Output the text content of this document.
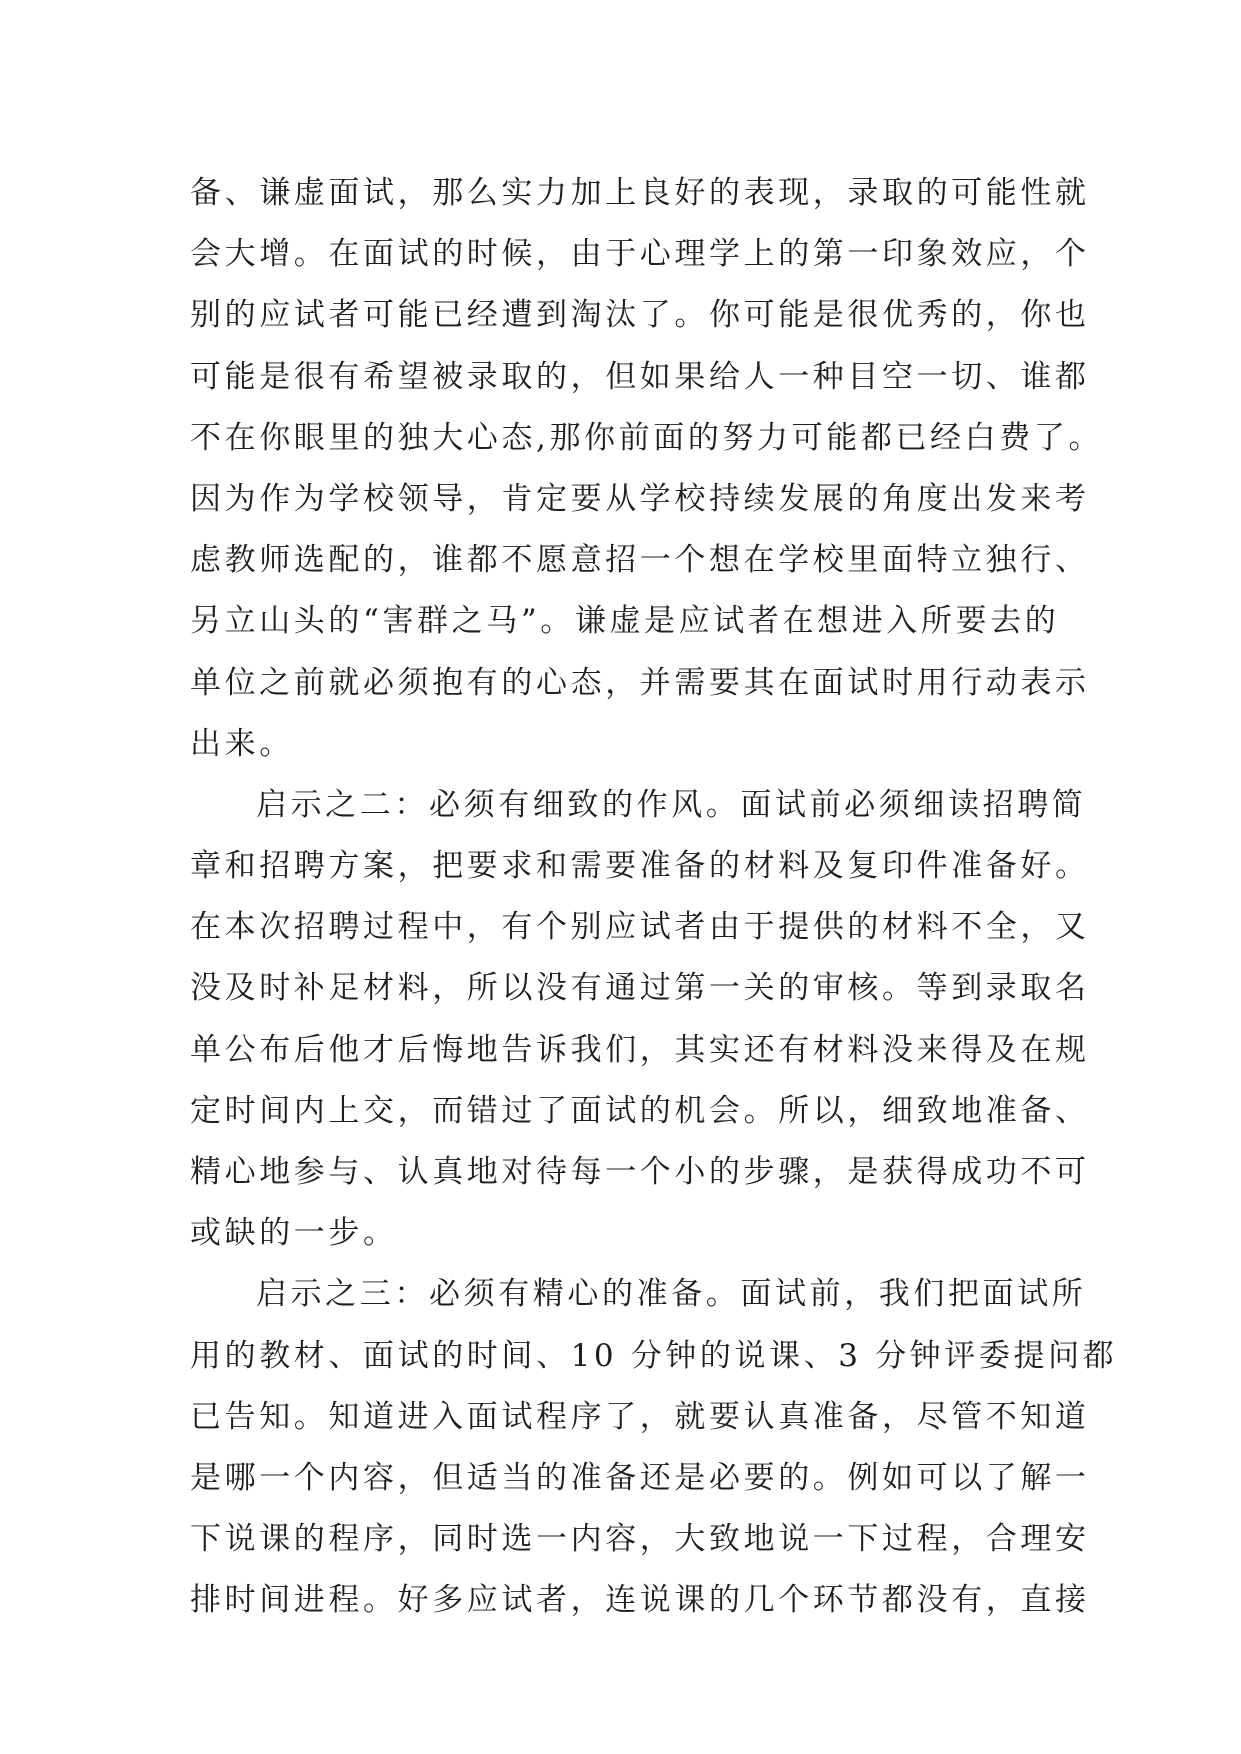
备、谦虚面试，那么实力加上良好的表现，录取的可能性就
会大增。在面试的时候，由于心理学上的第一印象效应，个
别的应试者可能已经遭到淘汰了。你可能是很优秀的，你也
可能是很有希望被录取的，但如果给人一种目空一切、谁都
不在你眼里的独大心态,那你前面的努力可能都已经白费了。
因为作为学校领导，肯定要从学校持续发展的角度出发来考
虑教师选配的，谁都不愿意招一个想在学校里面特立独行、
另立山头的“害群之马”。谦虚是应试者在想进入所要去的
单位之前就必须抱有的心态，并需要其在面试时用行动表示
出来。
启示之二：必须有细致的作风。面试前必须细读招聘简
章和招聘方案，把要求和需要准备的材料及复印件准备好。
在本次招聘过程中，有个别应试者由于提供的材料不全，又
没及时补足材料，所以没有通过第一关的审核。等到录取名
单公布后他才后悔地告诉我们，其实还有材料没来得及在规
定时间内上交，而错过了面试的机会。所以，细致地准备、
精心地参与、认真地对待每一个小的步骤，是获得成功不可
或缺的一步。
启示之三：必须有精心的准备。面试前，我们把面试所
用的教材、面试的时间、10 分钟的说课、3 分钟评委提问都
已告知。知道进入面试程序了，就要认真准备，尽管不知道
是哪一个内容，但适当的准备还是必要的。例如可以了解一
下说课的程序，同时选一内容，大致地说一下过程，合理安
排时间进程。好多应试者，连说课的几个环节都没有，直接
